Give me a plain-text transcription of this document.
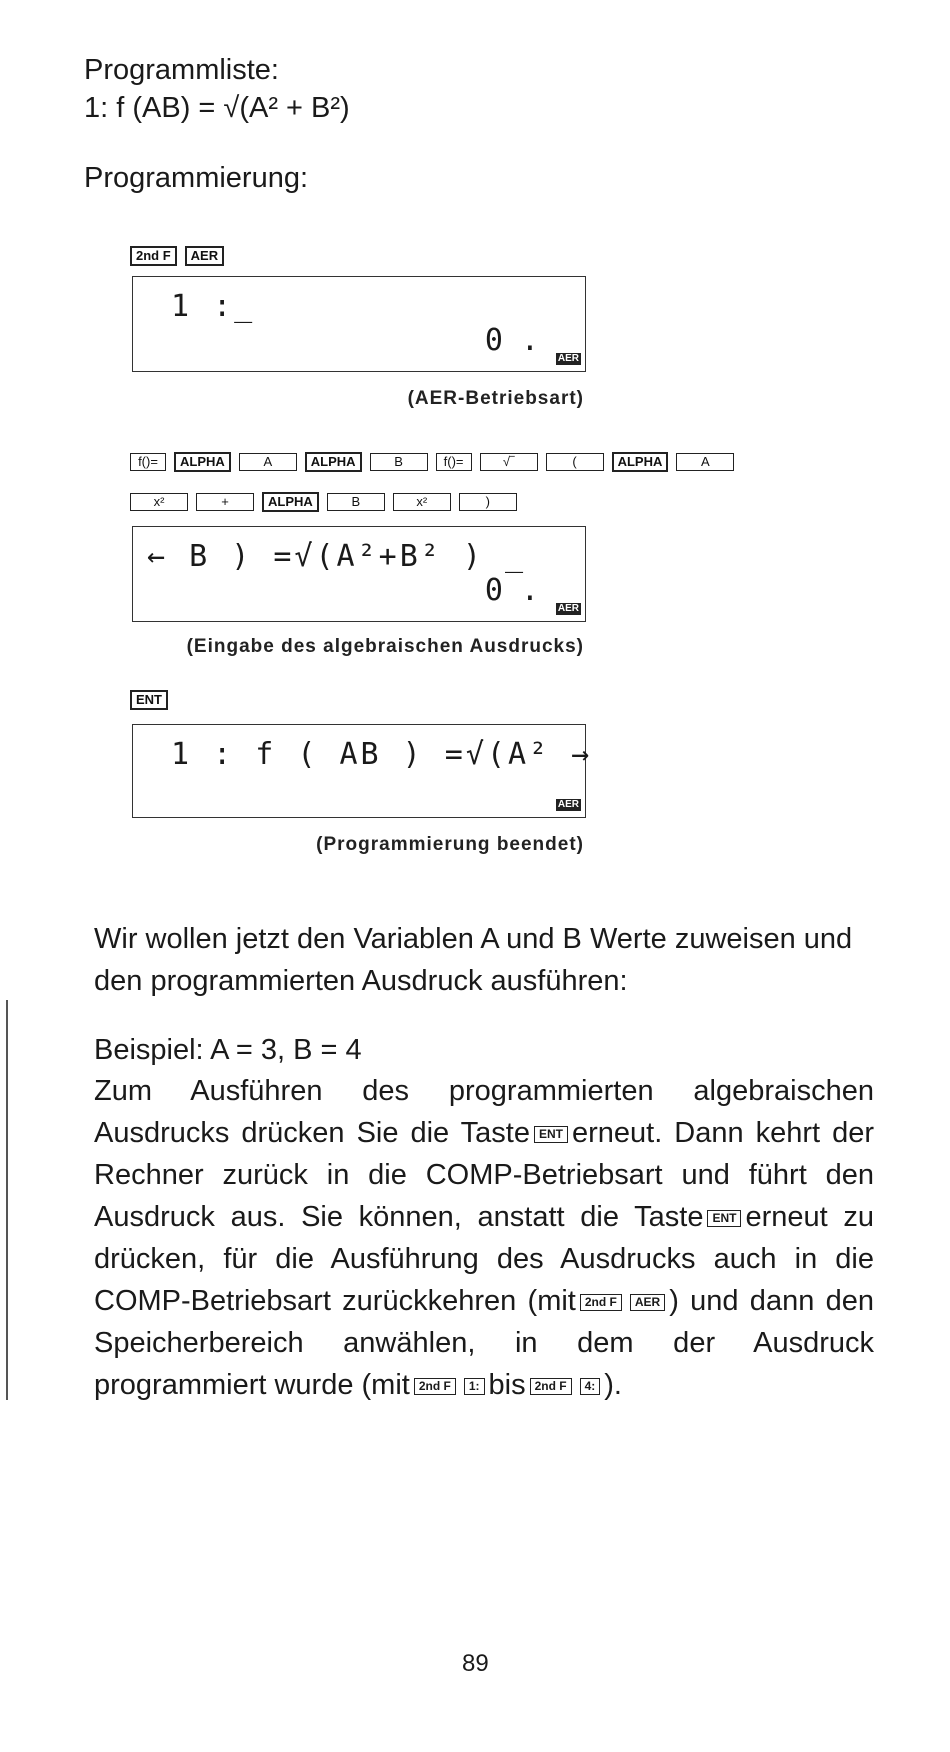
Programmliste:
1: f (AB) = √(A² + B²)
Programmierung:
2nd F AER
1 :_
0 .
AER
(AER-Betriebsart)
f()= ALPHA	A	ALPHA	B	f()=	√‾	(	ALPHA	A
x²	+	ALPHA	B	x²	)
← B ) =√(A²+B² ) _
0 .
AER
(Eingabe des algebraischen Ausdrucks)
ENT
1 : f ( AB ) =√(A² →
AER
(Programmierung beendet)

Wir wollen jetzt den Variablen A und B Werte zuweisen und den programmierten Ausdruck ausführen:

Beispiel: A = 3, B = 4

Zum Ausführen des programmierten algebraischen Ausdrucks drücken Sie die Taste ENT erneut. Dann kehrt der Rechner zurück in die COMP-Betriebsart und führt den Ausdruck aus. Sie können, anstatt die Taste ENT erneut zu drücken, für die Ausführung des Ausdrucks auch in die COMP-Betriebsart zurückkehren (mit 2nd F AER ) und dann den Speicherbereich anwählen, in dem der Ausdruck programmiert wurde (mit 2nd F 1: bis 2nd F 4: ).

89
